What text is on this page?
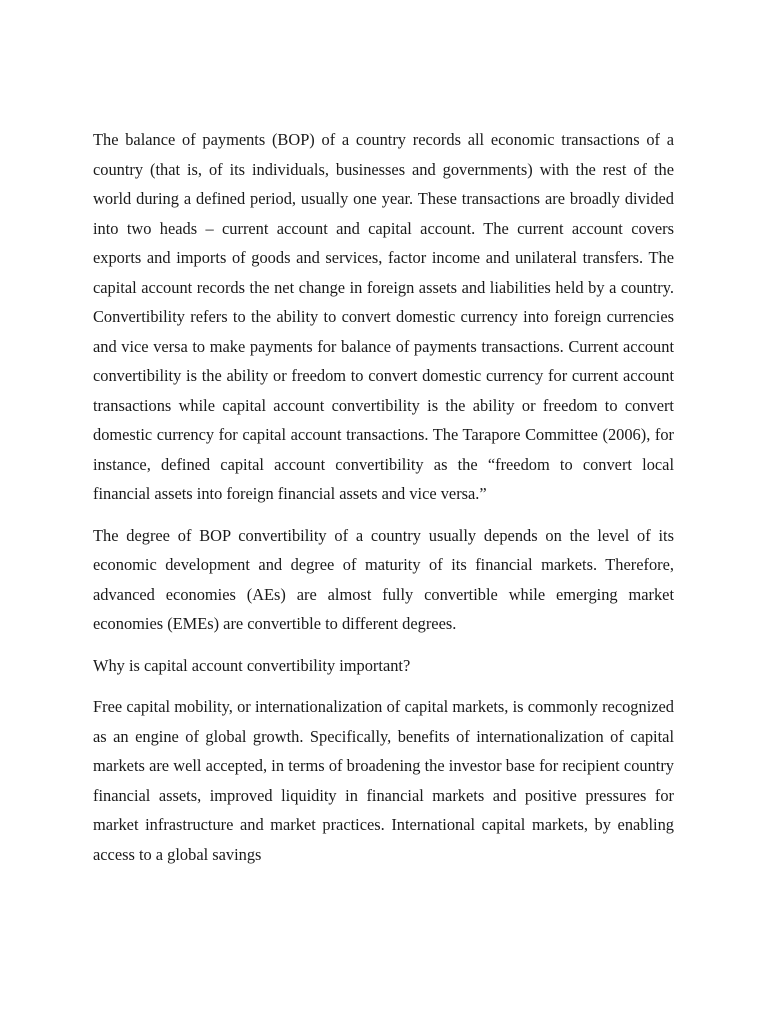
The balance of payments (BOP) of a country records all economic transactions of a country (that is, of its individuals, businesses and governments) with the rest of the world during a defined period, usually one year. These transactions are broadly divided into two heads – current account and capital account. The current account covers exports and imports of goods and services, factor income and unilateral transfers. The capital account records the net change in foreign assets and liabilities held by a country. Convertibility refers to the ability to convert domestic currency into foreign currencies and vice versa to make payments for balance of payments transactions. Current account convertibility is the ability or freedom to convert domestic currency for current account transactions while capital account convertibility is the ability or freedom to convert domestic currency for capital account transactions. The Tarapore Committee (2006), for instance, defined capital account convertibility as the “freedom to convert local financial assets into foreign financial assets and vice versa.”

The degree of BOP convertibility of a country usually depends on the level of its economic development and degree of maturity of its financial markets. Therefore, advanced economies (AEs) are almost fully convertible while emerging market economies (EMEs) are convertible to different degrees.

Why is capital account convertibility important?

Free capital mobility, or internationalization of capital markets, is commonly recognized as an engine of global growth. Specifically, benefits of internationalization of capital markets are well accepted, in terms of broadening the investor base for recipient country financial assets, improved liquidity in financial markets and positive pressures for market infrastructure and market practices. International capital markets, by enabling access to a global savings
